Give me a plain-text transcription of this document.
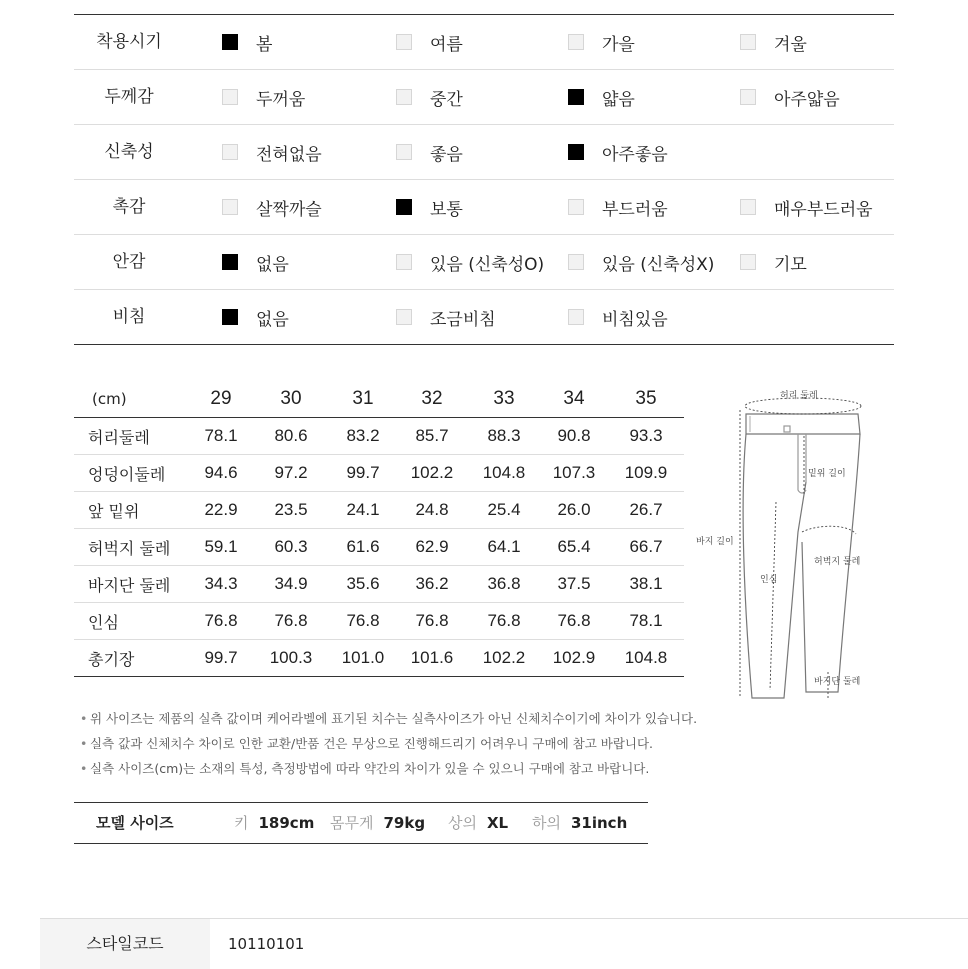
착용시기	봄	여름	가을	겨울
두께감	두꺼움	중간	얇음	아주얇음
신축성	전혀없음	좋음	아주좋음
촉감	살짝까슬	보통	부드러움	매우부드러움
안감	없음	있음 (신축성O)	있음 (신축성X)	기모
비침	없음	조금비침	비침있음
(cm)	29	30	31	32	33	34	35
허리둘레	78.1	80.6	83.2	85.7	88.3	90.8	93.3
엉덩이둘레	94.6	97.2	99.7	102.2	104.8	107.3	109.9
앞 밑위	22.9	23.5	24.1	24.8	25.4	26.0	26.7
허벅지 둘레	59.1	60.3	61.6	62.9	64.1	65.4	66.7
바지단 둘레	34.3	34.9	35.6	36.2	36.8	37.5	38.1
인심	76.8	76.8	76.8	76.8	76.8	76.8	78.1
총기장	99.7	100.3	101.0	101.6	102.2	102.9	104.8
허리 둘레
밑위 길이
바지 길이
허벅지 둘레
인심
바지단 둘레
• 위 사이즈는 제품의 실측 값이며 케어라벨에 표기된 치수는 실측사이즈가 아닌 신체치수이기에 차이가 있습니다.
• 실측 값과 신체치수 차이로 인한 교환/반품 건은 무상으로 진행해드리기 어려우니 구매에 참고 바랍니다.
• 실측 사이즈(cm)는 소재의 특성, 측정방법에 따라 약간의 차이가 있을 수 있으니 구매에 참고 바랍니다.
모델 사이즈	키 189cm 몸무게 79kg 상의 XL 하의 31inch
스타일코드	10110101
